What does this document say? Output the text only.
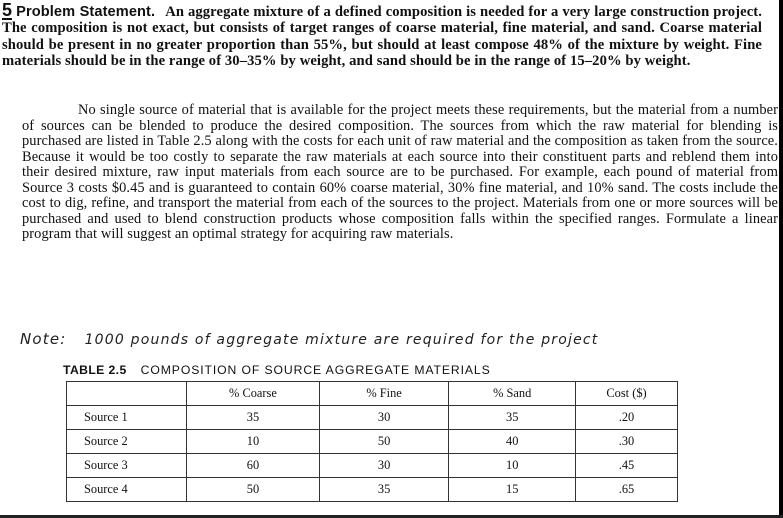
5 Problem Statement. An aggregate mixture of a defined composition is needed for a very large construction project. The composition is not exact, but consists of target ranges of coarse material, fine material, and sand. Coarse material should be present in no greater proportion than 55%, but should at least compose 48% of the mixture by weight. Fine materials should be in the range of 30–35% by weight, and sand should be in the range of 15–20% by weight.
No single source of material that is available for the project meets these requirements, but the material from a number of sources can be blended to produce the desired composition. The sources from which the raw material for blending is purchased are listed in Table 2.5 along with the costs for each unit of raw material and the composition as taken from the source. Because it would be too costly to separate the raw materials at each source into their constituent parts and reblend them into their desired mixture, raw input materials from each source are to be purchased. For example, each pound of material from Source 3 costs $0.45 and is guaranteed to contain 60% coarse material, 30% fine material, and 10% sand. The costs include the cost to dig, refine, and transport the material from each of the sources to the project. Materials from one or more sources will be purchased and used to blend construction products whose composition falls within the specified ranges. Formulate a linear program that will suggest an optimal strategy for acquiring raw materials.
Note: 1000 pounds of aggregate mixture are required for the project
TABLE 2.5 COMPOSITION OF SOURCE AGGREGATE MATERIALS
	% Coarse	% Fine	% Sand	Cost ($)
Source 1	35	30	35	.20
Source 2	10	50	40	.30
Source 3	60	30	10	.45
Source 4	50	35	15	.65
